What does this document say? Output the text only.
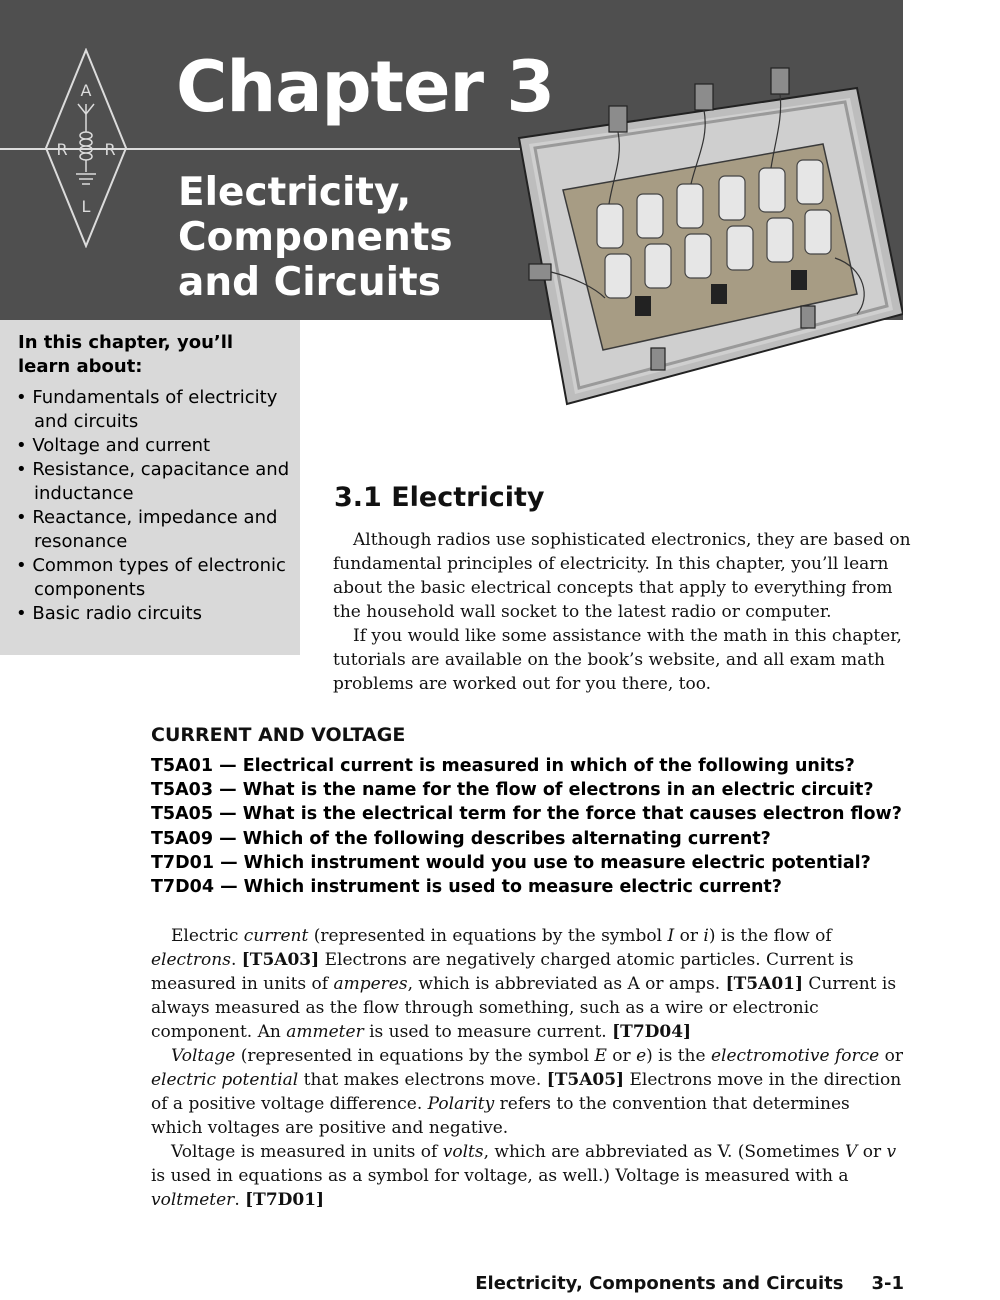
A
R R
L
Chapter 3
Electricity,
Components
and Circuits
In this chapter, you’ll learn about:
• Fundamentals of electricity and circuits
• Voltage and current
• Resistance, capacitance and inductance
• Reactance, impedance and resonance
• Common types of electronic components
• Basic radio circuits
3.1 Electricity

Although radios use sophisticated electronics, they are based on fundamental principles of electricity. In this chapter, you’ll learn about the basic electrical concepts that apply to everything from the household wall socket to the latest radio or computer.

If you would like some assistance with the math in this chapter, tutorials are available on the book’s website, and all exam math problems are worked out for you there, too.

CURRENT AND VOLTAGE
T5A01 — Electrical current is measured in which of the following units?
T5A03 — What is the name for the flow of electrons in an electric circuit?
T5A05 — What is the electrical term for the force that causes electron flow?
T5A09 — Which of the following describes alternating current?
T7D01 — Which instrument would you use to measure electric potential?
T7D04 — Which instrument is used to measure electric current?

Electric current (represented in equations by the symbol I or i) is the flow of electrons. [T5A03] Electrons are negatively charged atomic particles. Current is measured in units of amperes, which is abbreviated as A or amps. [T5A01] Current is always measured as the flow through something, such as a wire or electronic component. An ammeter is used to measure current. [T7D04]

Voltage (represented in equations by the symbol E or e) is the electromotive force or electric potential that makes electrons move. [T5A05] Electrons move in the direction of a positive voltage difference. Polarity refers to the convention that determines which voltages are positive and negative.

Voltage is measured in units of volts, which are abbreviated as V. (Sometimes V or v is used in equations as a symbol for voltage, as well.) Voltage is measured with a voltmeter. [T7D01]

Electricity, Components and Circuits 3-1
